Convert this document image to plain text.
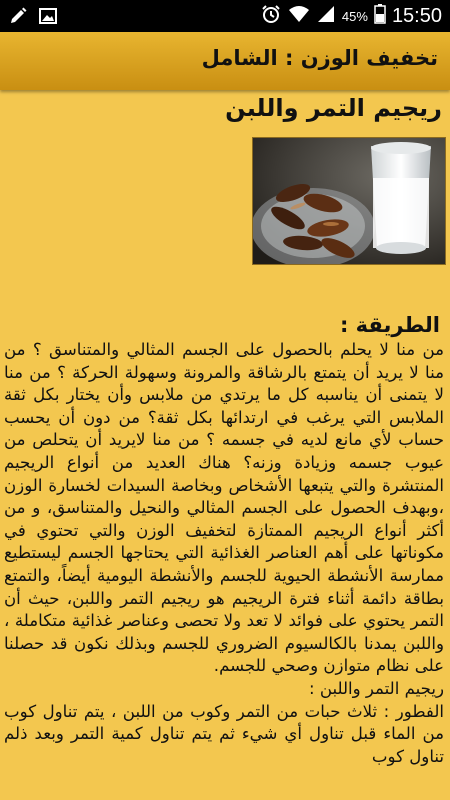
45% 15:50
تخفيف الوزن : الشامل
ريجيم التمر واللبن
الطريقة :

من منا لا يحلم بالحصول على الجسم المثالي والمتناسق ؟ من منا لا يريد أن يتمتع بالرشاقة والمرونة وسهولة الحركة ؟ من منا لا يتمنى أن يناسبه كل ما يرتدي من ملابس وأن يختار بكل ثقة الملابس التي يرغب في ارتدائها بكل ثقة؟ من دون أن يحسب حساب لأي مانع لديه في جسمه ؟ من منا لايريد أن يتحلص من عيوب جسمه وزيادة وزنه؟ هناك العديد من أنواع الريجيم المنتشرة والتي يتبعها الأشخاص وبخاصة السيدات لخسارة الوزن ،وبهدف الحصول على الجسم المثالي والنحيل والمتناسق، و من أكثر أنواع الريجيم الممتازة لتخفيف الوزن والتي تحتوي في مكوناتها على أهم العناصر الغذائية التي يحتاجها الجسم ليستطيع ممارسة الأنشطة الحيوية للجسم والأنشطة اليومية أيضاً، والتمتع بطاقة دائمة أثناء فترة الريجيم هو ريجيم التمر واللبن، حيث أن التمر يحتوي على فوائد لا تعد ولا تحصى وعناصر غذائية متكاملة ، واللبن يمدنا بالكالسيوم الضروري للجسم وبذلك نكون قد حصلنا على نظام متوازن وصحي للجسم.

ريجيم التمر واللبن :

الفطور : ثلاث حبات من التمر وكوب من اللبن ، يتم تناول كوب من الماء قبل تناول أي شيء ثم يتم تناول كمية التمر وبعد ذلم تناول كوب
